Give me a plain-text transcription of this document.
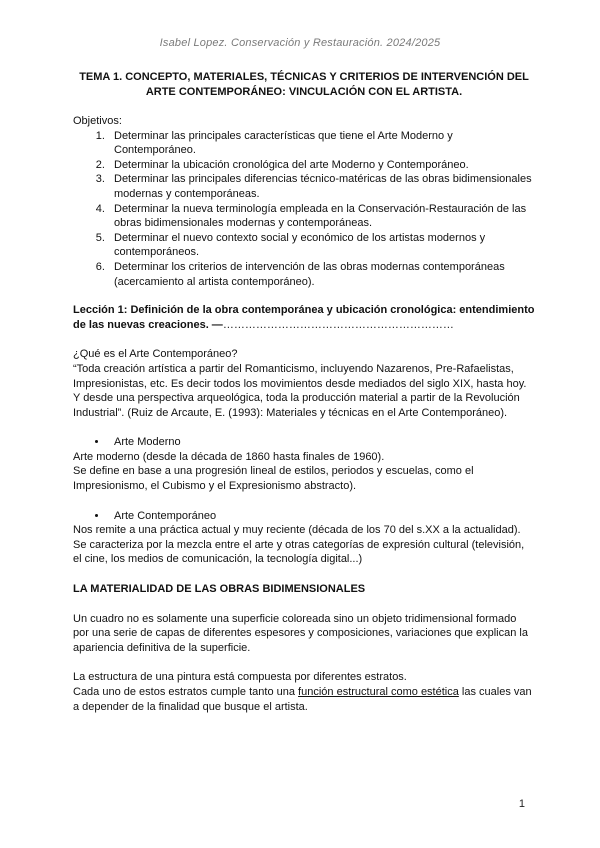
Isabel Lopez. Conservación y Restauración. 2024/2025
TEMA 1. CONCEPTO, MATERIALES, TÉCNICAS Y CRITERIOS DE INTERVENCIÓN DEL
ARTE CONTEMPORÁNEO: VINCULACIÓN CON EL ARTISTA.

Objetivos:

1. Determinar las principales características que tiene el Arte Moderno y Contemporáneo.
2. Determinar la ubicación cronológica del arte Moderno y Contemporáneo.
3. Determinar las principales diferencias técnico-matéricas de las obras bidimensionales modernas y contemporáneas.
4. Determinar la nueva terminología empleada en la Conservación-Restauración de las obras bidimensionales modernas y contemporáneas.
5. Determinar el nuevo contexto social y económico de los artistas modernos y contemporáneos.
6. Determinar los criterios de intervención de las obras modernas contemporáneas (acercamiento al artista contemporáneo).

Lección 1: Definición de la obra contemporánea y ubicación cronológica: entendimiento de las nuevas creaciones. —………………………………………………………

¿Qué es el Arte Contemporáneo?

“Toda creación artística a partir del Romanticismo, incluyendo Nazarenos, Pre-Rafaelistas, Impresionistas, etc. Es decir todos los movimientos desde mediados del siglo XIX, hasta hoy. Y desde una perspectiva arqueológica, toda la producción material a partir de la Revolución Industrial”. (Ruiz de Arcaute, E. (1993): Materiales y técnicas en el Arte Contemporáneo).

• Arte Moderno

Arte moderno (desde la década de 1860 hasta finales de 1960).

Se define en base a una progresión lineal de estilos, periodos y escuelas, como el Impresionismo, el Cubismo y el Expresionismo abstracto).

• Arte Contemporáneo

Nos remite a una práctica actual y muy reciente (década de los 70 del s.XX a la actualidad).

Se caracteriza por la mezcla entre el arte y otras categorías de expresión cultural (televisión, el cine, los medios de comunicación, la tecnología digital...)

LA MATERIALIDAD DE LAS OBRAS BIDIMENSIONALES

Un cuadro no es solamente una superficie coloreada sino un objeto tridimensional formado por una serie de capas de diferentes espesores y composiciones, variaciones que explican la apariencia definitiva de la superficie.

La estructura de una pintura está compuesta por diferentes estratos.

Cada uno de estos estratos cumple tanto una función estructural como estética las cuales van a depender de la finalidad que busque el artista.

1
